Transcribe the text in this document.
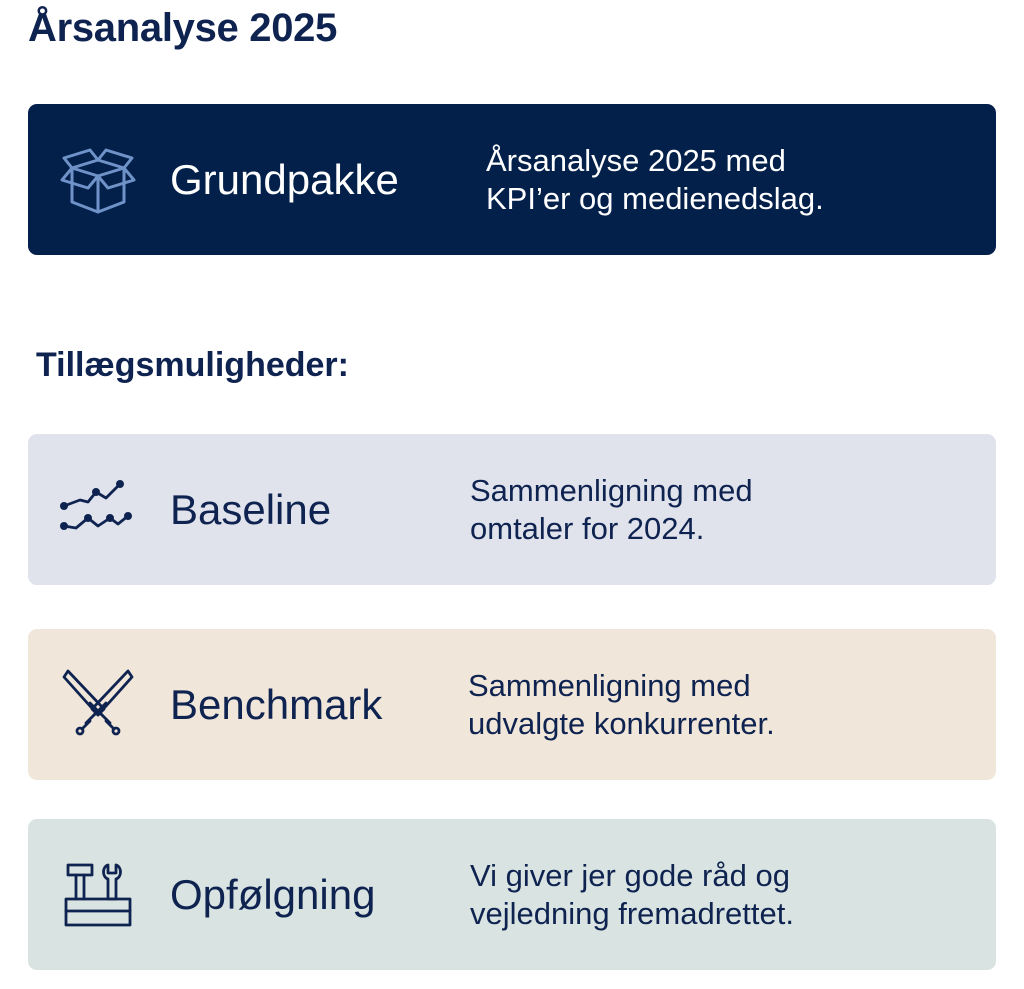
Årsanalyse 2025
Grundpakke	Årsanalyse 2025 med
KPI’er og medienedslag.
Tillægsmuligheder:
Baseline	Sammenligning med
omtaler for 2024.
Benchmark	Sammenligning med
udvalgte konkurrenter.
Opfølgning	Vi giver jer gode råd og
vejledning fremadrettet.
